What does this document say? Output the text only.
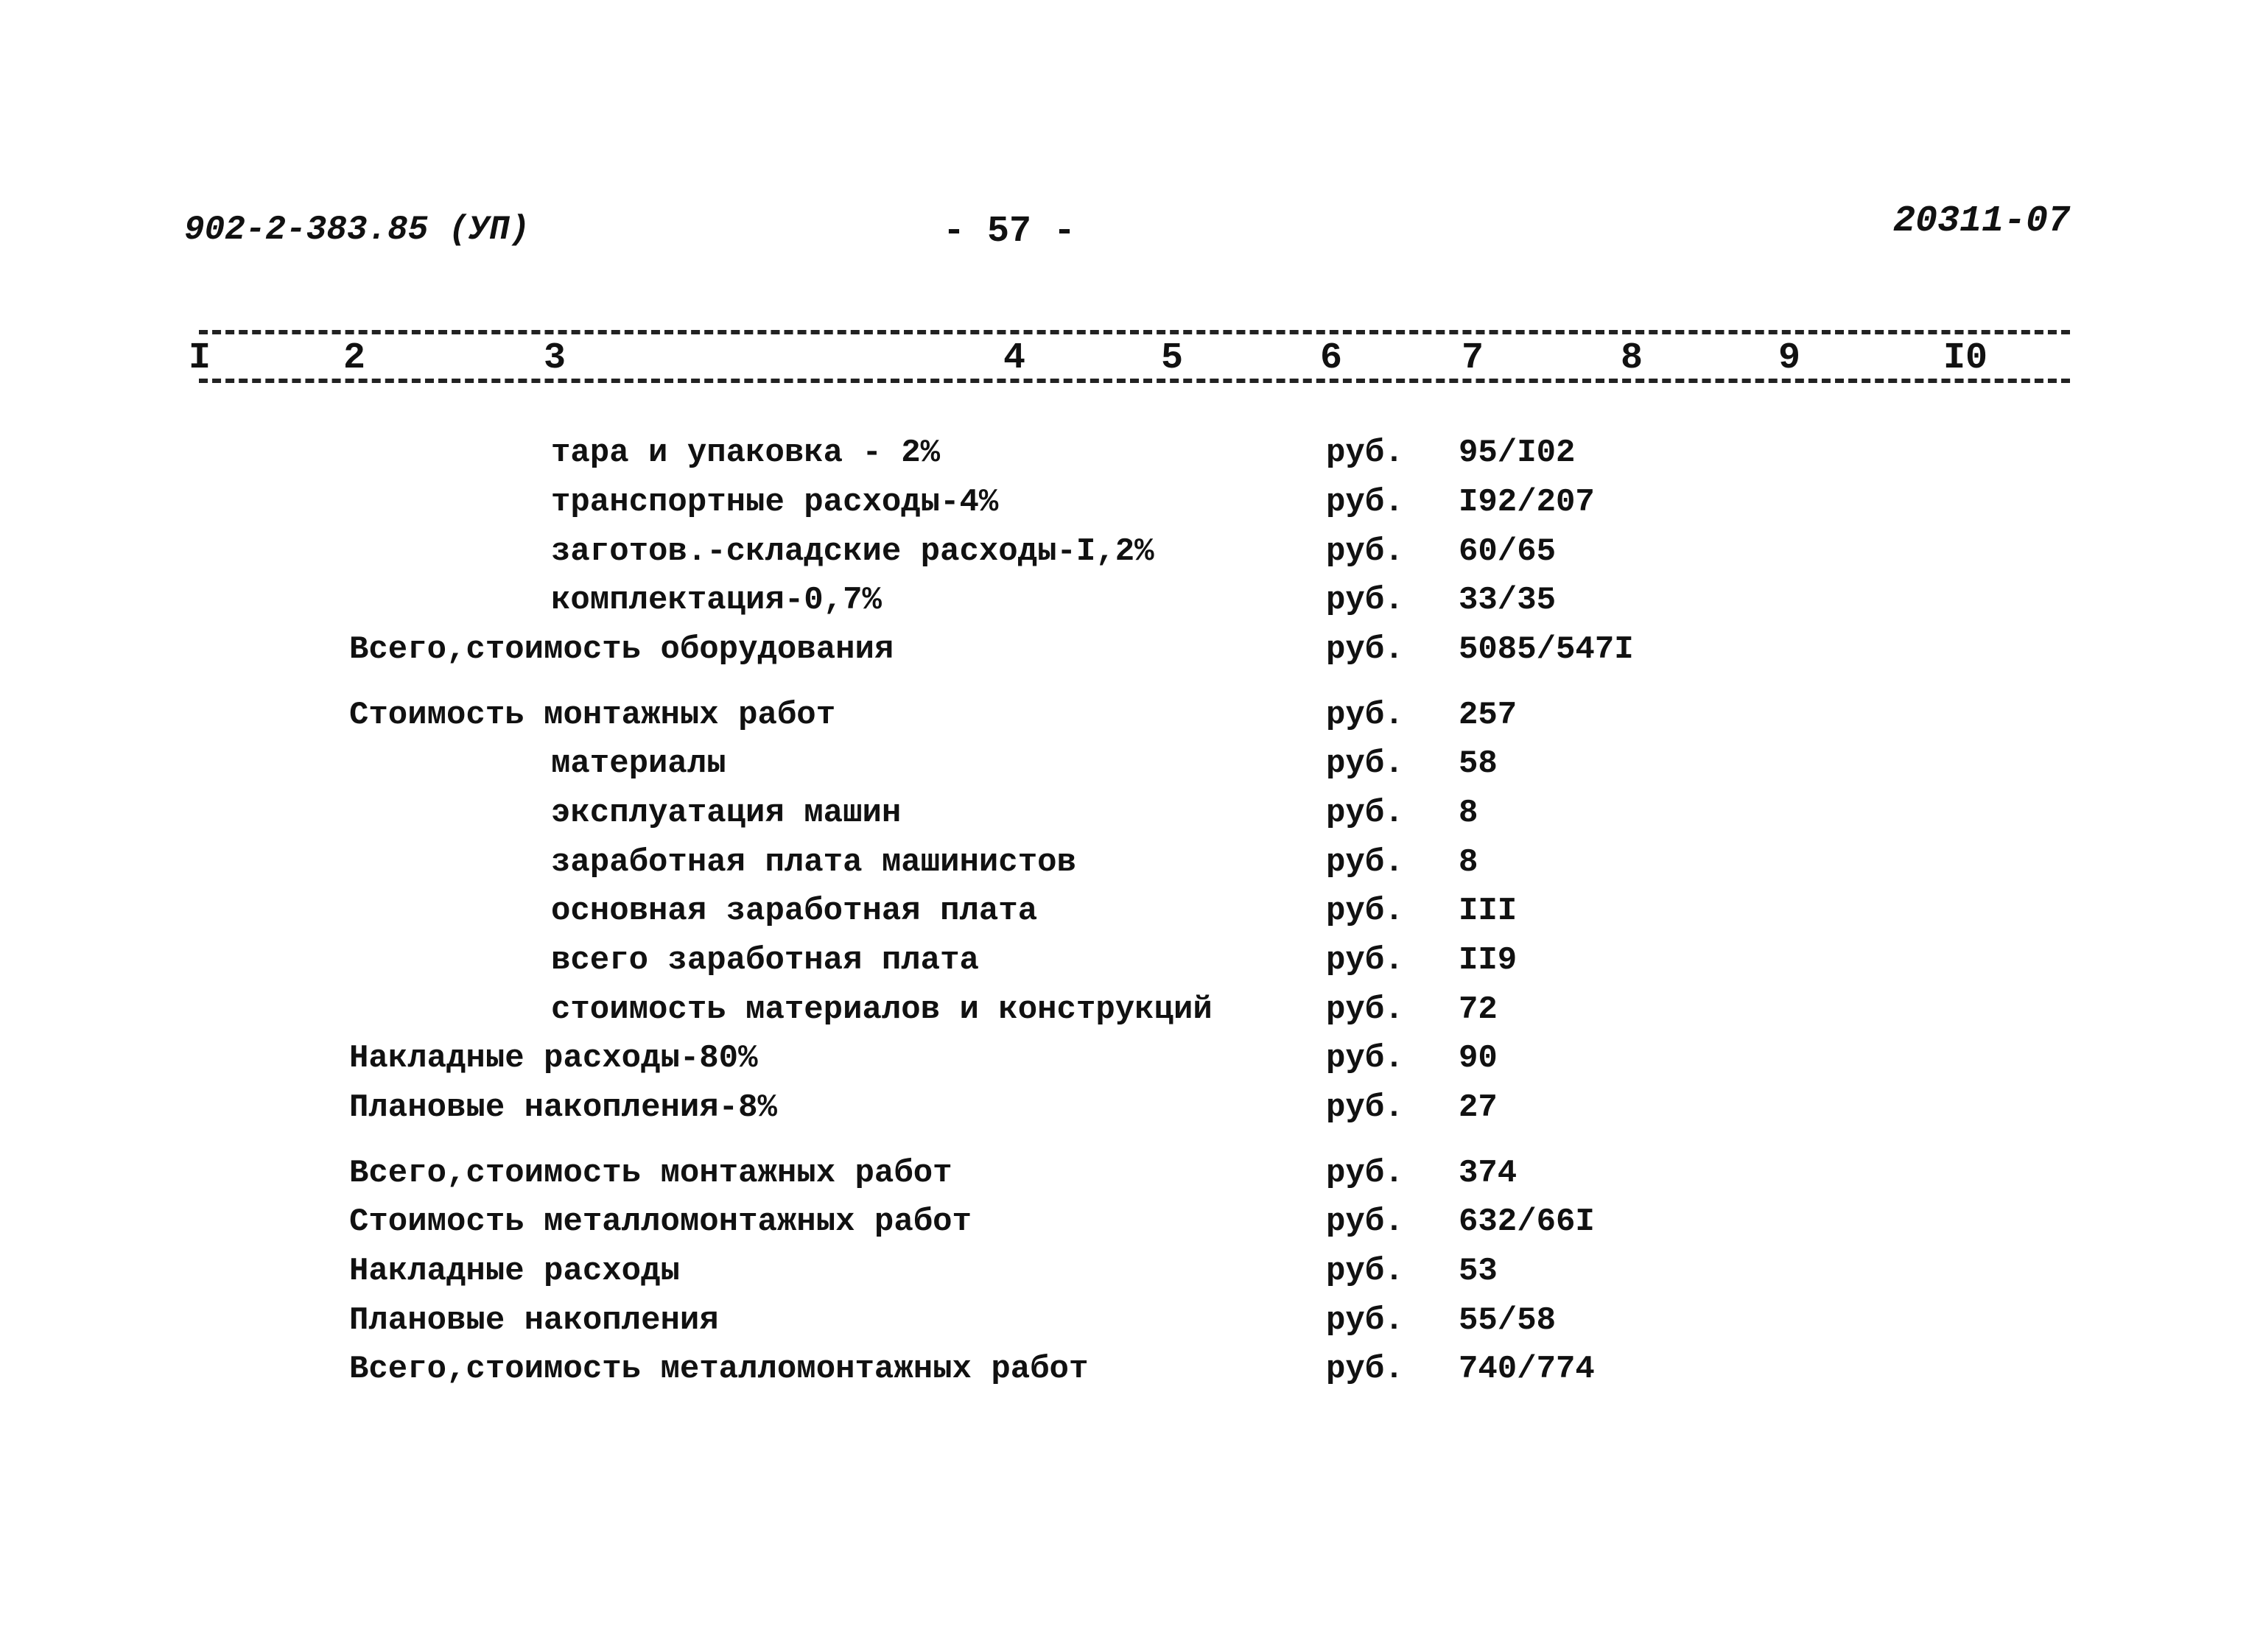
902-2-383.85 (УП)	- 57 -	20311-07
I	2	3	4	5	6	7	8	9	I0
тара и упаковка - 2%	руб. 95/I02
транспортные расходы-4%	руб. I92/207
заготов.-складские расходы-I,2%	руб. 60/65
комплектация-0,7%	руб. 33/35
Всего,стоимость оборудования	руб. 5085/547I
Стоимость монтажных работ	руб. 257
материалы	руб. 58
эксплуатация машин	руб. 8
заработная плата машинистов	руб. 8
основная заработная плата	руб. III
всего заработная плата	руб. II9
стоимость материалов и конструкций	руб. 72
Накладные расходы-80%	руб. 90
Плановые накопления-8%	руб. 27
Всего,стоимость монтажных работ	руб. 374
Стоимость металломонтажных работ	руб. 632/66I
Накладные расходы	руб. 53
Плановые накопления	руб. 55/58
Всего,стоимость металломонтажных работ	руб. 740/774
